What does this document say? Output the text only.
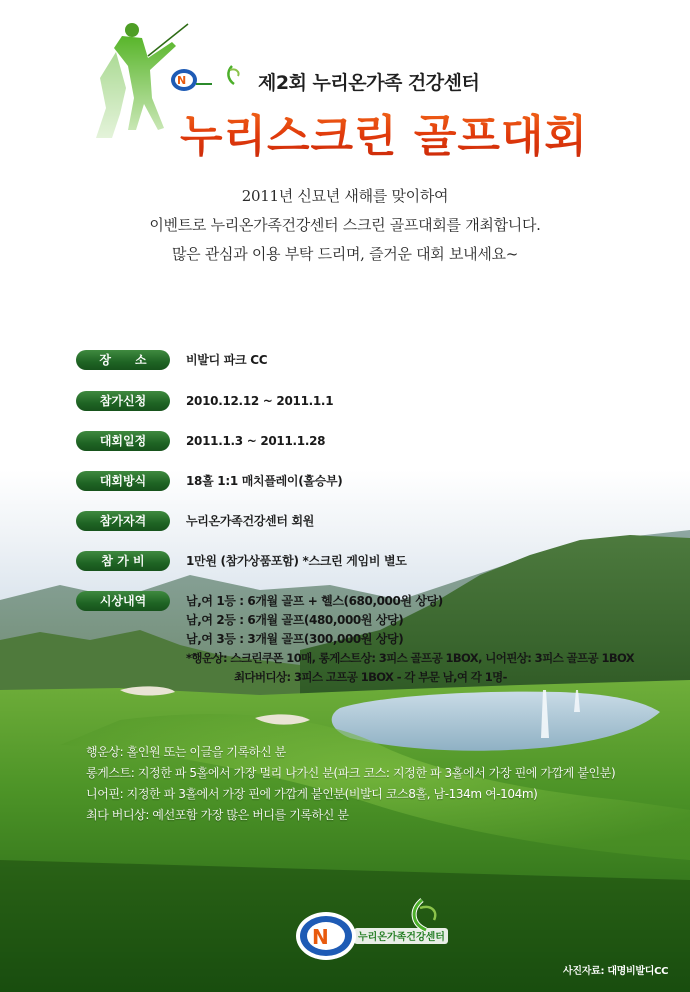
N	제2회 누리온가족 건강센터
누리스크린 골프대회
2011년 신묘년 새해를 맞이하여
이벤트로 누리온가족건강센터 스크린 골프대회를 개최합니다.
많은 관심과 이용 부탁 드리며, 즐거운 대회 보내세요~
장　　소	비발디 파크 CC
참가신청	2010.12.12 ~ 2011.1.1
대회일정	2011.1.3 ~ 2011.1.28
대회방식	18홀 1:1 매치플레이(홀승부)
참가자격	누리온가족건강센터 회원
참 가 비	1만원 (참가상품포함) *스크린 게임비 별도
시상내역	남,여 1등 : 6개월 골프 + 헬스(680,000원 상당)
남,여 2등 : 6개월 골프(480,000원 상당)
남,여 3등 : 3개월 골프(300,000원 상당)
*행운상: 스크린쿠폰 10매, 롱게스트상: 3피스 골프공 1BOX, 니어핀상: 3피스 골프공 1BOX
최다버디상: 3피스 고프공 1BOX - 각 부문 남,여 각 1명-
행운상: 홀인원 또는 이글을 기록하신 분
롱게스트: 지정한 파 5홀에서 가장 멀리 나가신 분(파크 코스: 지정한 파 3홀에서 가장 핀에 가깝게 붙인분)
니어핀: 지정한 파 3홀에서 가장 핀에 가깝게 붙인분(비발디 코스8홀, 남-134m 여-104m)
최다 버디상: 예선포함 가장 많은 버디를 기록하신 분
N	누리온가족건강센터
사진자료: 대명비발디CC
